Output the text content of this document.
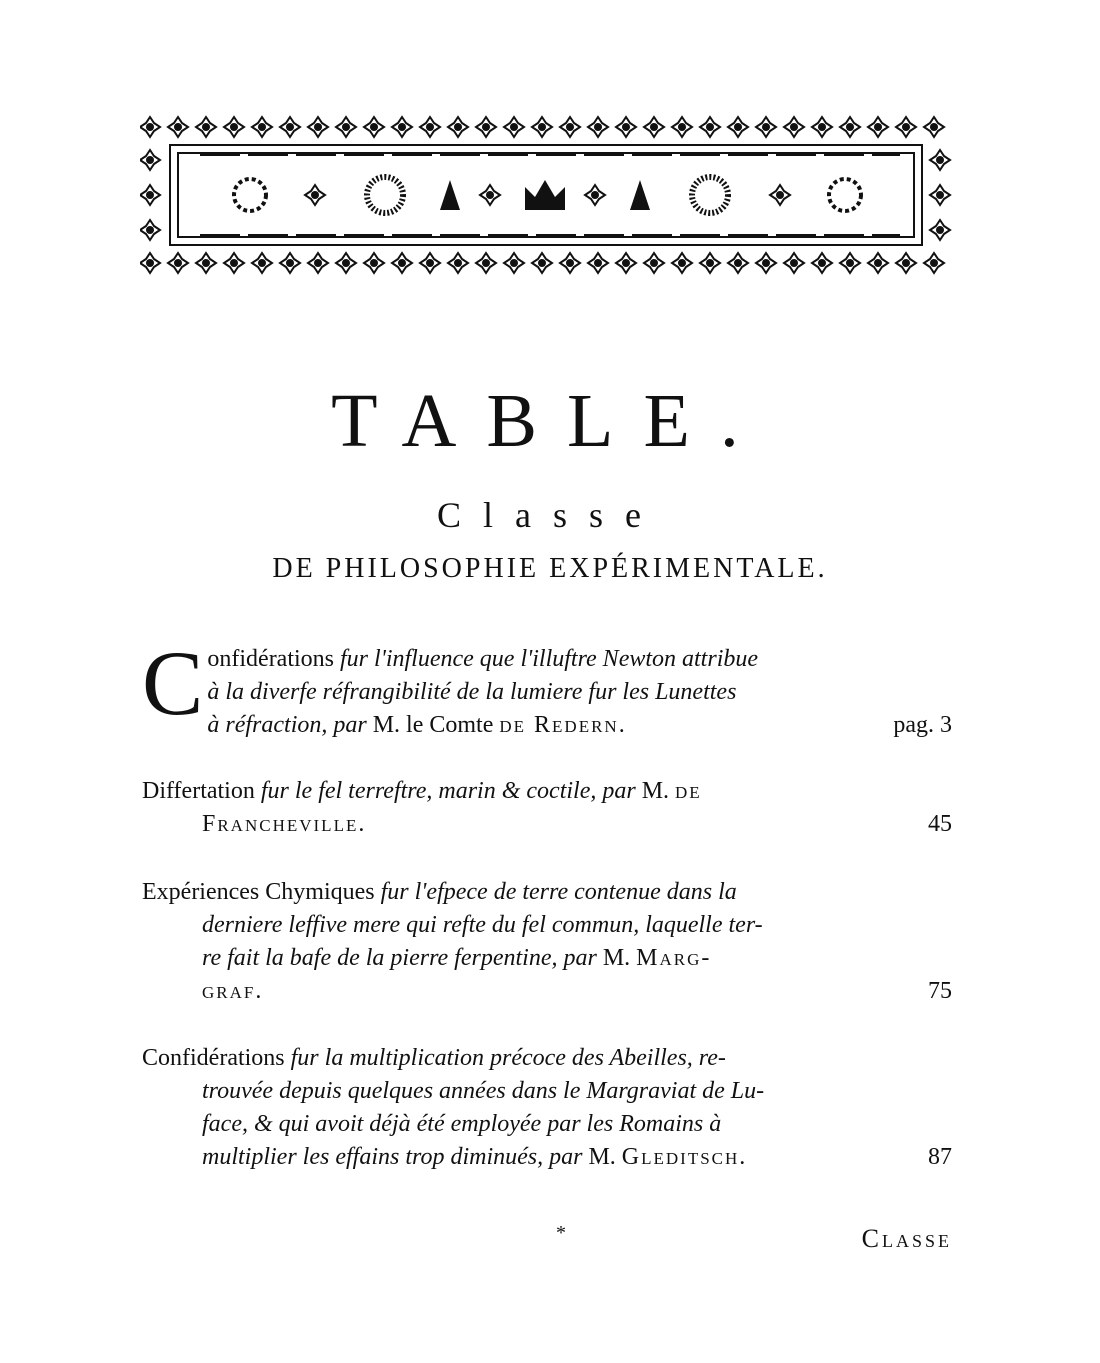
TABLE.
Classe
DE PHILOSOPHIE EXPÉRIMENTALE.
C onfidérations fur l'influence que l'illuftre Newton attribue
à la diverfe réfrangibilité de la lumiere fur les Lunettes
à réfraction, par M. le Comte de Redern.	pag. 3
Differtation fur le fel terreftre, marin & coctile, par M. de
Francheville.	45
Expériences Chymiques fur l'efpece de terre contenue dans la
derniere leffive mere qui refte du fel commun, laquelle ter-
re fait la bafe de la pierre ferpentine, par M. Marg-
graf.	75
Confidérations fur la multiplication précoce des Abeilles, re-
trouvée depuis quelques années dans le Margraviat de Lu-
face, & qui avoit déjà été employée par les Romains à
multiplier les effains trop diminués, par M. Gleditsch.	87
*	Classe
